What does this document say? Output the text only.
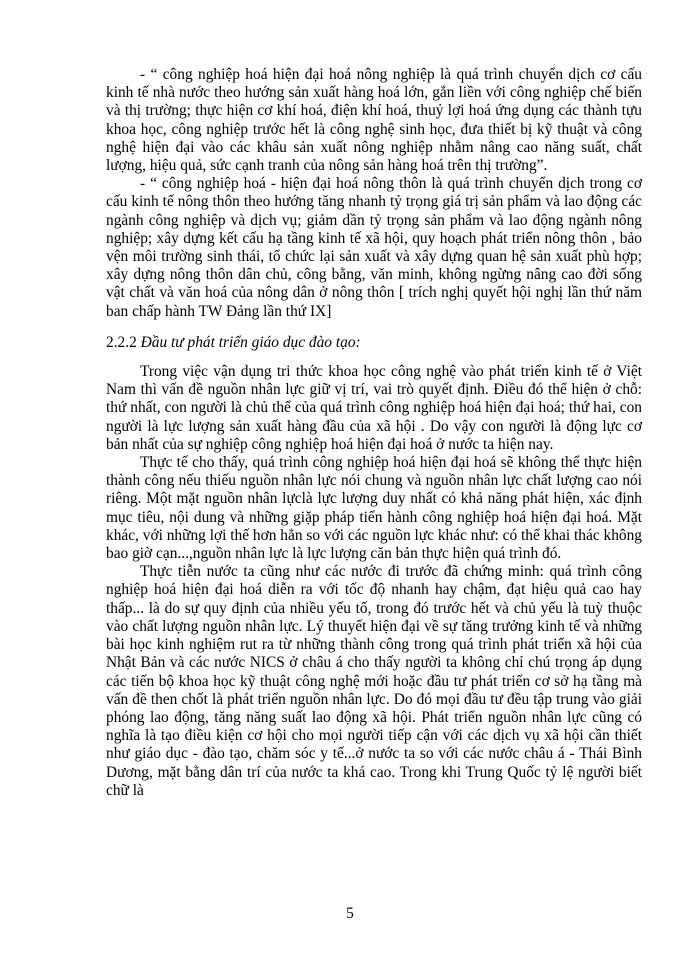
- “ công nghiệp hoá hiện đại hoá nông nghiệp là quá trình chuyển dịch cơ cấu kinh tế nhà nước theo hướng sản xuất hàng hoá lớn, gắn liền với công nghiệp chế biến và thị trường; thực hiện cơ khí hoá, điện khí hoá, thuỷ lợi hoá ứng dụng các thành tựu khoa học, công nghiệp trước hết là công nghệ sinh học, đưa thiết bị kỹ thuật và công nghệ hiện đại vào các khâu sản xuất nông nghiệp nhằm nâng cao năng suất, chất lượng, hiệu quả, sức cạnh tranh của nông sản hàng hoá trên thị trường”.

- “ công nghiệp hoá - hiện đại hoá nông thôn là quá trình chuyển dịch trong cơ cấu kinh tế nông thôn theo hướng tăng nhanh tỷ trọng giá trị sản phẩm và lao động các ngành công nghiệp và dịch vụ; giảm dần tỷ trọng sản phẩm và lao động ngành nông nghiệp; xây dựng kết cấu hạ tầng kinh tế xã hội, quy hoạch phát triển nông thôn , bảo vện môi trường sinh thái, tổ chức lại sản xuất và xây dựng quan hệ sản xuất phù hợp; xây dựng nông thôn dân chủ, công bằng, văn minh, không ngừng nâng cao đời sống vật chất và văn hoá của nông dân ở nông thôn [ trích nghị quyết hội nghị lần thứ năm ban chấp hành TW Đảng lần thứ IX]

2.2.2 Đầu tư phát triển giáo dục đào tạo:

Trong việc vận dụng tri thức khoa học công nghệ vào phát triển kinh tế ở Việt Nam thì vấn đề nguồn nhân lực giữ vị trí, vai trò quyết định. Điều đó thể hiện ở chỗ: thứ nhất, con người là chủ thể của quá trình công nghiệp hoá hiện đại hoá; thứ hai, con người là lực lượng sản xuất hàng đầu của xã hội . Do vậy con người là động lực cơ bản nhất của sự nghiệp công nghiệp hoá hiện đại hoá ở nước ta hiện nay.

Thực tế cho thấy, quá trình công nghiệp hoá hiện đại hoá sẽ không thể thực hiện thành công nếu thiếu nguồn nhân lực nói chung và nguồn nhân lực chất lượng cao nói riêng. Một mặt nguồn nhân lựclà lực lượng duy nhất có khả năng phát hiện, xác định mục tiêu, nội dung và những giặp pháp tiến hành công nghiệp hoá hiện đại hoá. Mặt khác, với những lợi thế hơn hẳn so với các nguồn lực khác như: có thể khai thác không bao giờ cạn...,nguồn nhân lực là lực lượng căn bản thực hiện quá trình đó.

Thực tiễn nước ta cũng như các nước đi trước đã chứng minh: quá trình công nghiệp hoá hiện đại hoá diễn ra với tốc độ nhanh hay chậm, đạt hiệu quả cao hay thấp... là do sự quy định của nhiều yếu tố, trong đó trước hết và chủ yếu là tuỳ thuộc vào chất lượng nguồn nhân lực. Lý thuyết hiện đại về sự tăng trưởng kinh tế và những bài học kinh nghiệm rut ra từ những thành công trong quá trình phát triển xã hội của Nhật Bản và các nước NICS ở châu á cho thấy người ta không chỉ chú trọng áp dụng các tiến bộ khoa học kỹ thuật công nghệ mới hoặc đầu tư phát triển cơ sở hạ tầng mà vấn đề then chốt là phát triển nguồn nhân lực. Do đó mọi đầu tư đều tập trung vào giải phóng lao động, tăng năng suất lao động xã hội. Phát triển nguồn nhân lực cũng có nghĩa là tạo điều kiện cơ hội cho mọi người tiếp cận với các dịch vụ xã hội cần thiết như giáo dục - đào tạo, chăm sóc y tế...ở nước ta so với các nước châu á - Thái Bình Dương, mặt bằng dân trí của nước ta khá cao. Trong khi Trung Quốc tỷ lệ người biết chữ là

5
